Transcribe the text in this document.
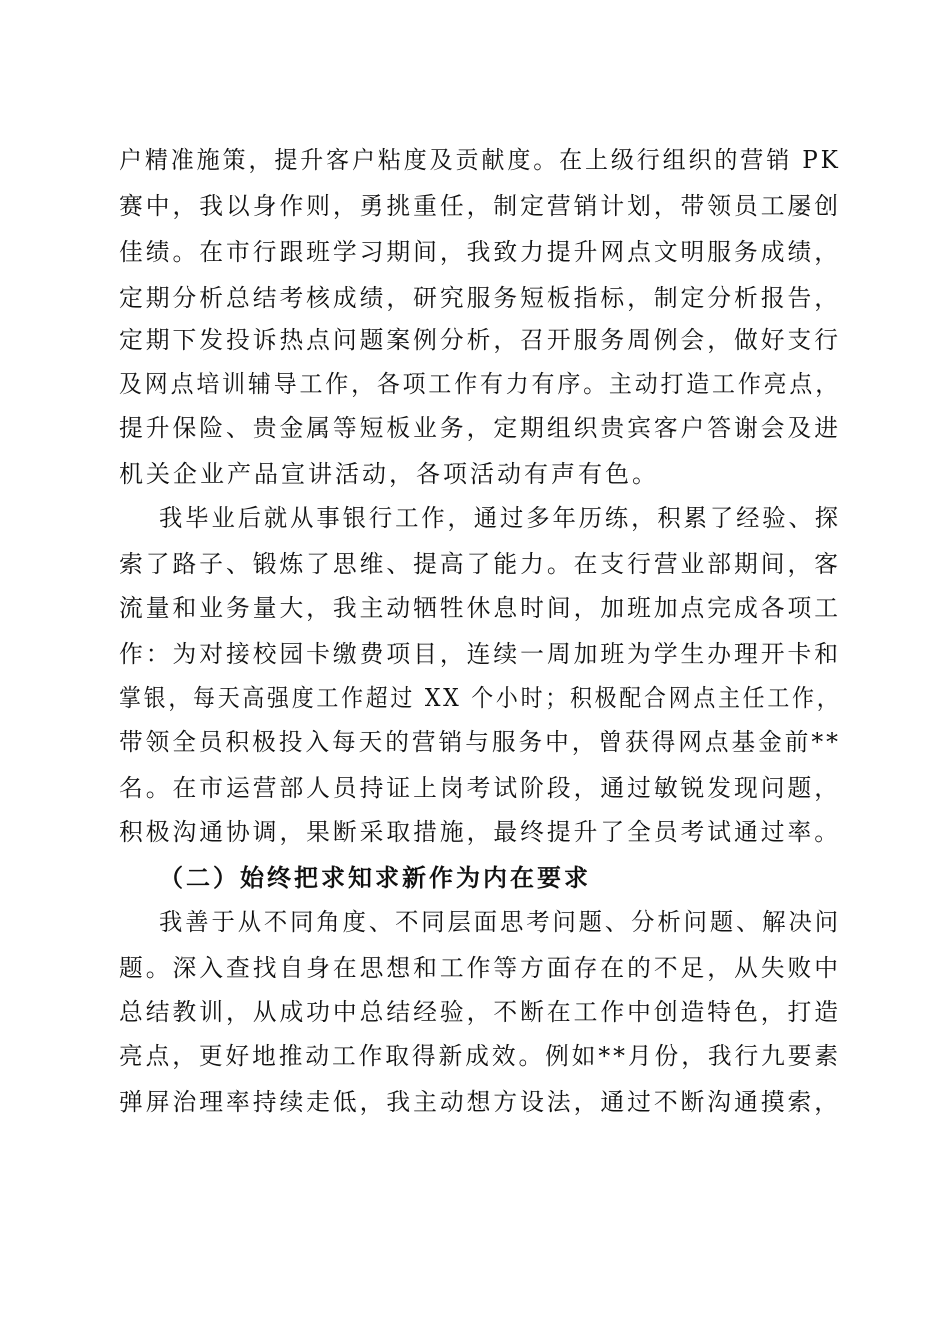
户精准施策，提升客户粘度及贡献度。在上级行组织的营销 PK
赛中，我以身作则，勇挑重任，制定营销计划，带领员工屡创
佳绩。在市行跟班学习期间，我致力提升网点文明服务成绩，
定期分析总结考核成绩，研究服务短板指标，制定分析报告，
定期下发投诉热点问题案例分析，召开服务周例会，做好支行
及网点培训辅导工作，各项工作有力有序。主动打造工作亮点，
提升保险、贵金属等短板业务，定期组织贵宾客户答谢会及进
机关企业产品宣讲活动，各项活动有声有色。
我毕业后就从事银行工作，通过多年历练，积累了经验、探
索了路子、锻炼了思维、提高了能力。在支行营业部期间，客
流量和业务量大，我主动牺牲休息时间，加班加点完成各项工
作：为对接校园卡缴费项目，连续一周加班为学生办理开卡和
掌银，每天高强度工作超过 XX 个小时；积极配合网点主任工作，
带领全员积极投入每天的营销与服务中，曾获得网点基金前**
名。在市运营部人员持证上岗考试阶段，通过敏锐发现问题，
积极沟通协调，果断采取措施，最终提升了全员考试通过率。
（二）始终把求知求新作为内在要求
我善于从不同角度、不同层面思考问题、分析问题、解决问
题。深入查找自身在思想和工作等方面存在的不足，从失败中
总结教训，从成功中总结经验，不断在工作中创造特色，打造
亮点，更好地推动工作取得新成效。例如**月份，我行九要素
弹屏治理率持续走低，我主动想方设法，通过不断沟通摸索，
